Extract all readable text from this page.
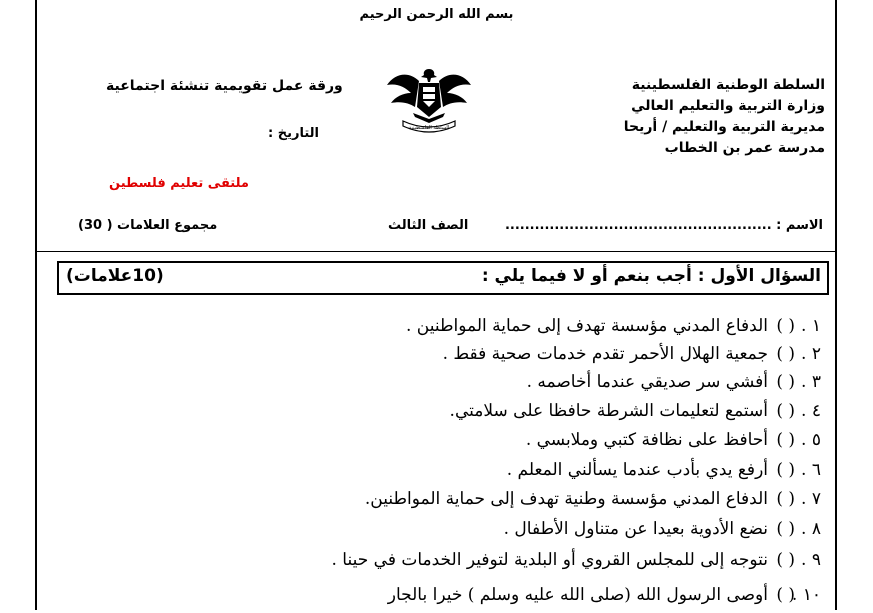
بسم الله الرحمن الرحيم
السلطة الوطنية الفلسطينية
وزارة التربية والتعليم العالي
مديرية التربية والتعليم / أريحا
مدرسة عمر بن الخطاب
السلطة الفلسطينية
ورقة عمل تقويمية تنشئة اجتماعية
التاريخ :
ملتقى تعليم فلسطين
الاسم : ......................................................
الصف الثالث
مجموع العلامات ( 30)
السؤال الأول : أجب بنعم أو لا فيما يلي :
(10علامات)
١ .
( )
الدفاع المدني مؤسسة تهدف إلى حماية المواطنين .
٢ .
( )
جمعية الهلال الأحمر تقدم خدمات صحية فقط .
٣ .
( )
أفشي سر صديقي عندما أخاصمه .
٤ .
( )
أستمع لتعليمات الشرطة حافظا على سلامتي.
٥ .
( )
أحافظ على نظافة كتبي وملابسي .
٦ .
( )
أرفع يدي بأدب عندما يسألني المعلم .
٧ .
( )
الدفاع المدني مؤسسة وطنية تهدف إلى حماية المواطنين.
٨ .
( )
نضع الأدوية بعيدا عن متناول الأطفال .
٩ .
( )
نتوجه إلى للمجلس القروي أو البلدية لتوفير الخدمات في حينا .
١٠ .
( )
أوصى الرسول الله (صلى الله عليه وسلم ) خيرا بالجار
